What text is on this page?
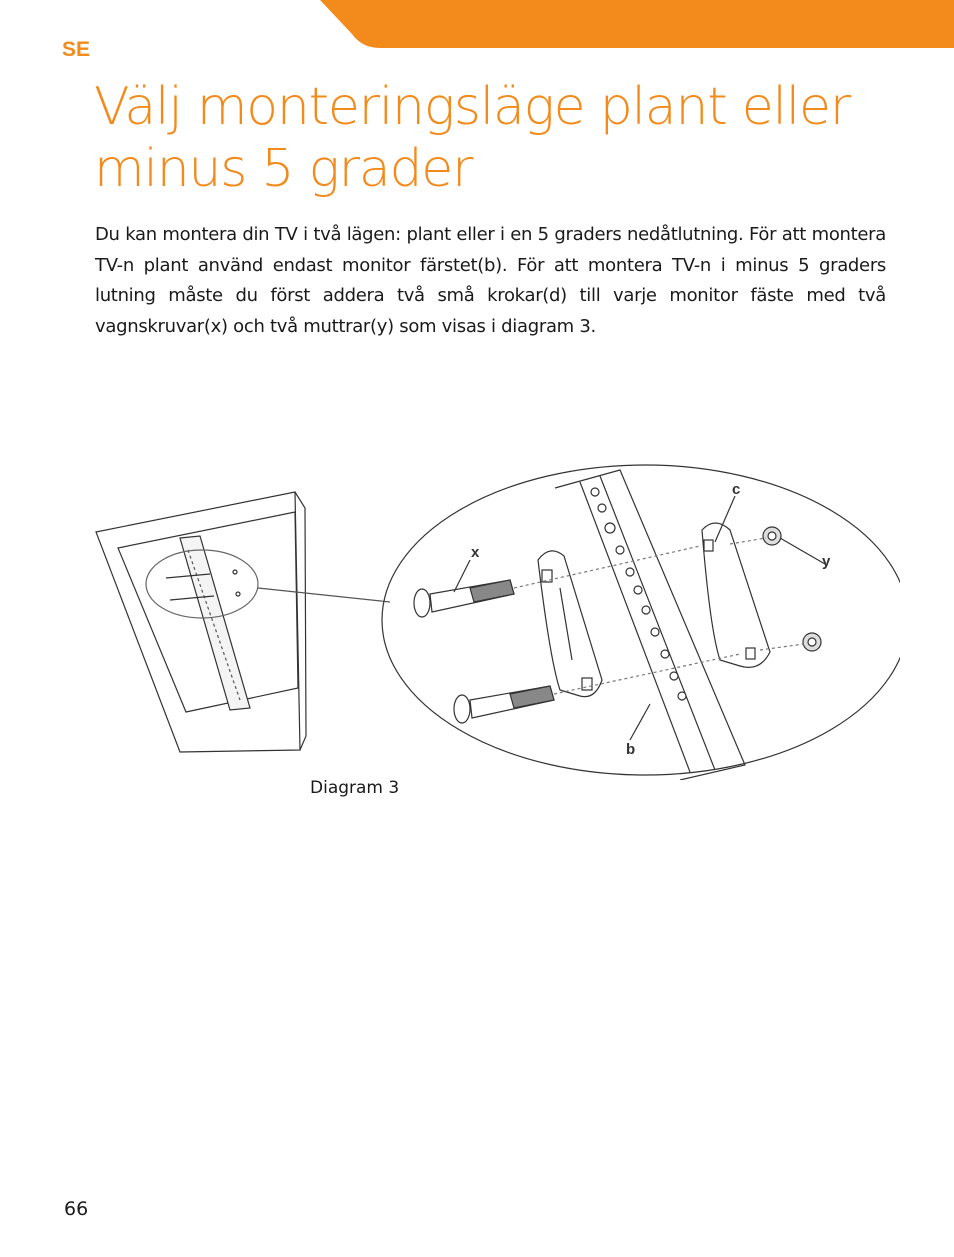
SE
Välj monteringsläge plant eller minus 5 grader

Du kan montera din TV i två lägen: plant eller i en 5 graders nedåtlutning. För att montera TV-n plant använd endast monitor färstet(b). För att montera TV-n i minus 5 graders lutning måste du först addera två små krokar(d) till varje monitor fäste med två vagnskruvar(x) och två muttrar(y) som visas i diagram 3.

x
c
y
b
Diagram 3
66
